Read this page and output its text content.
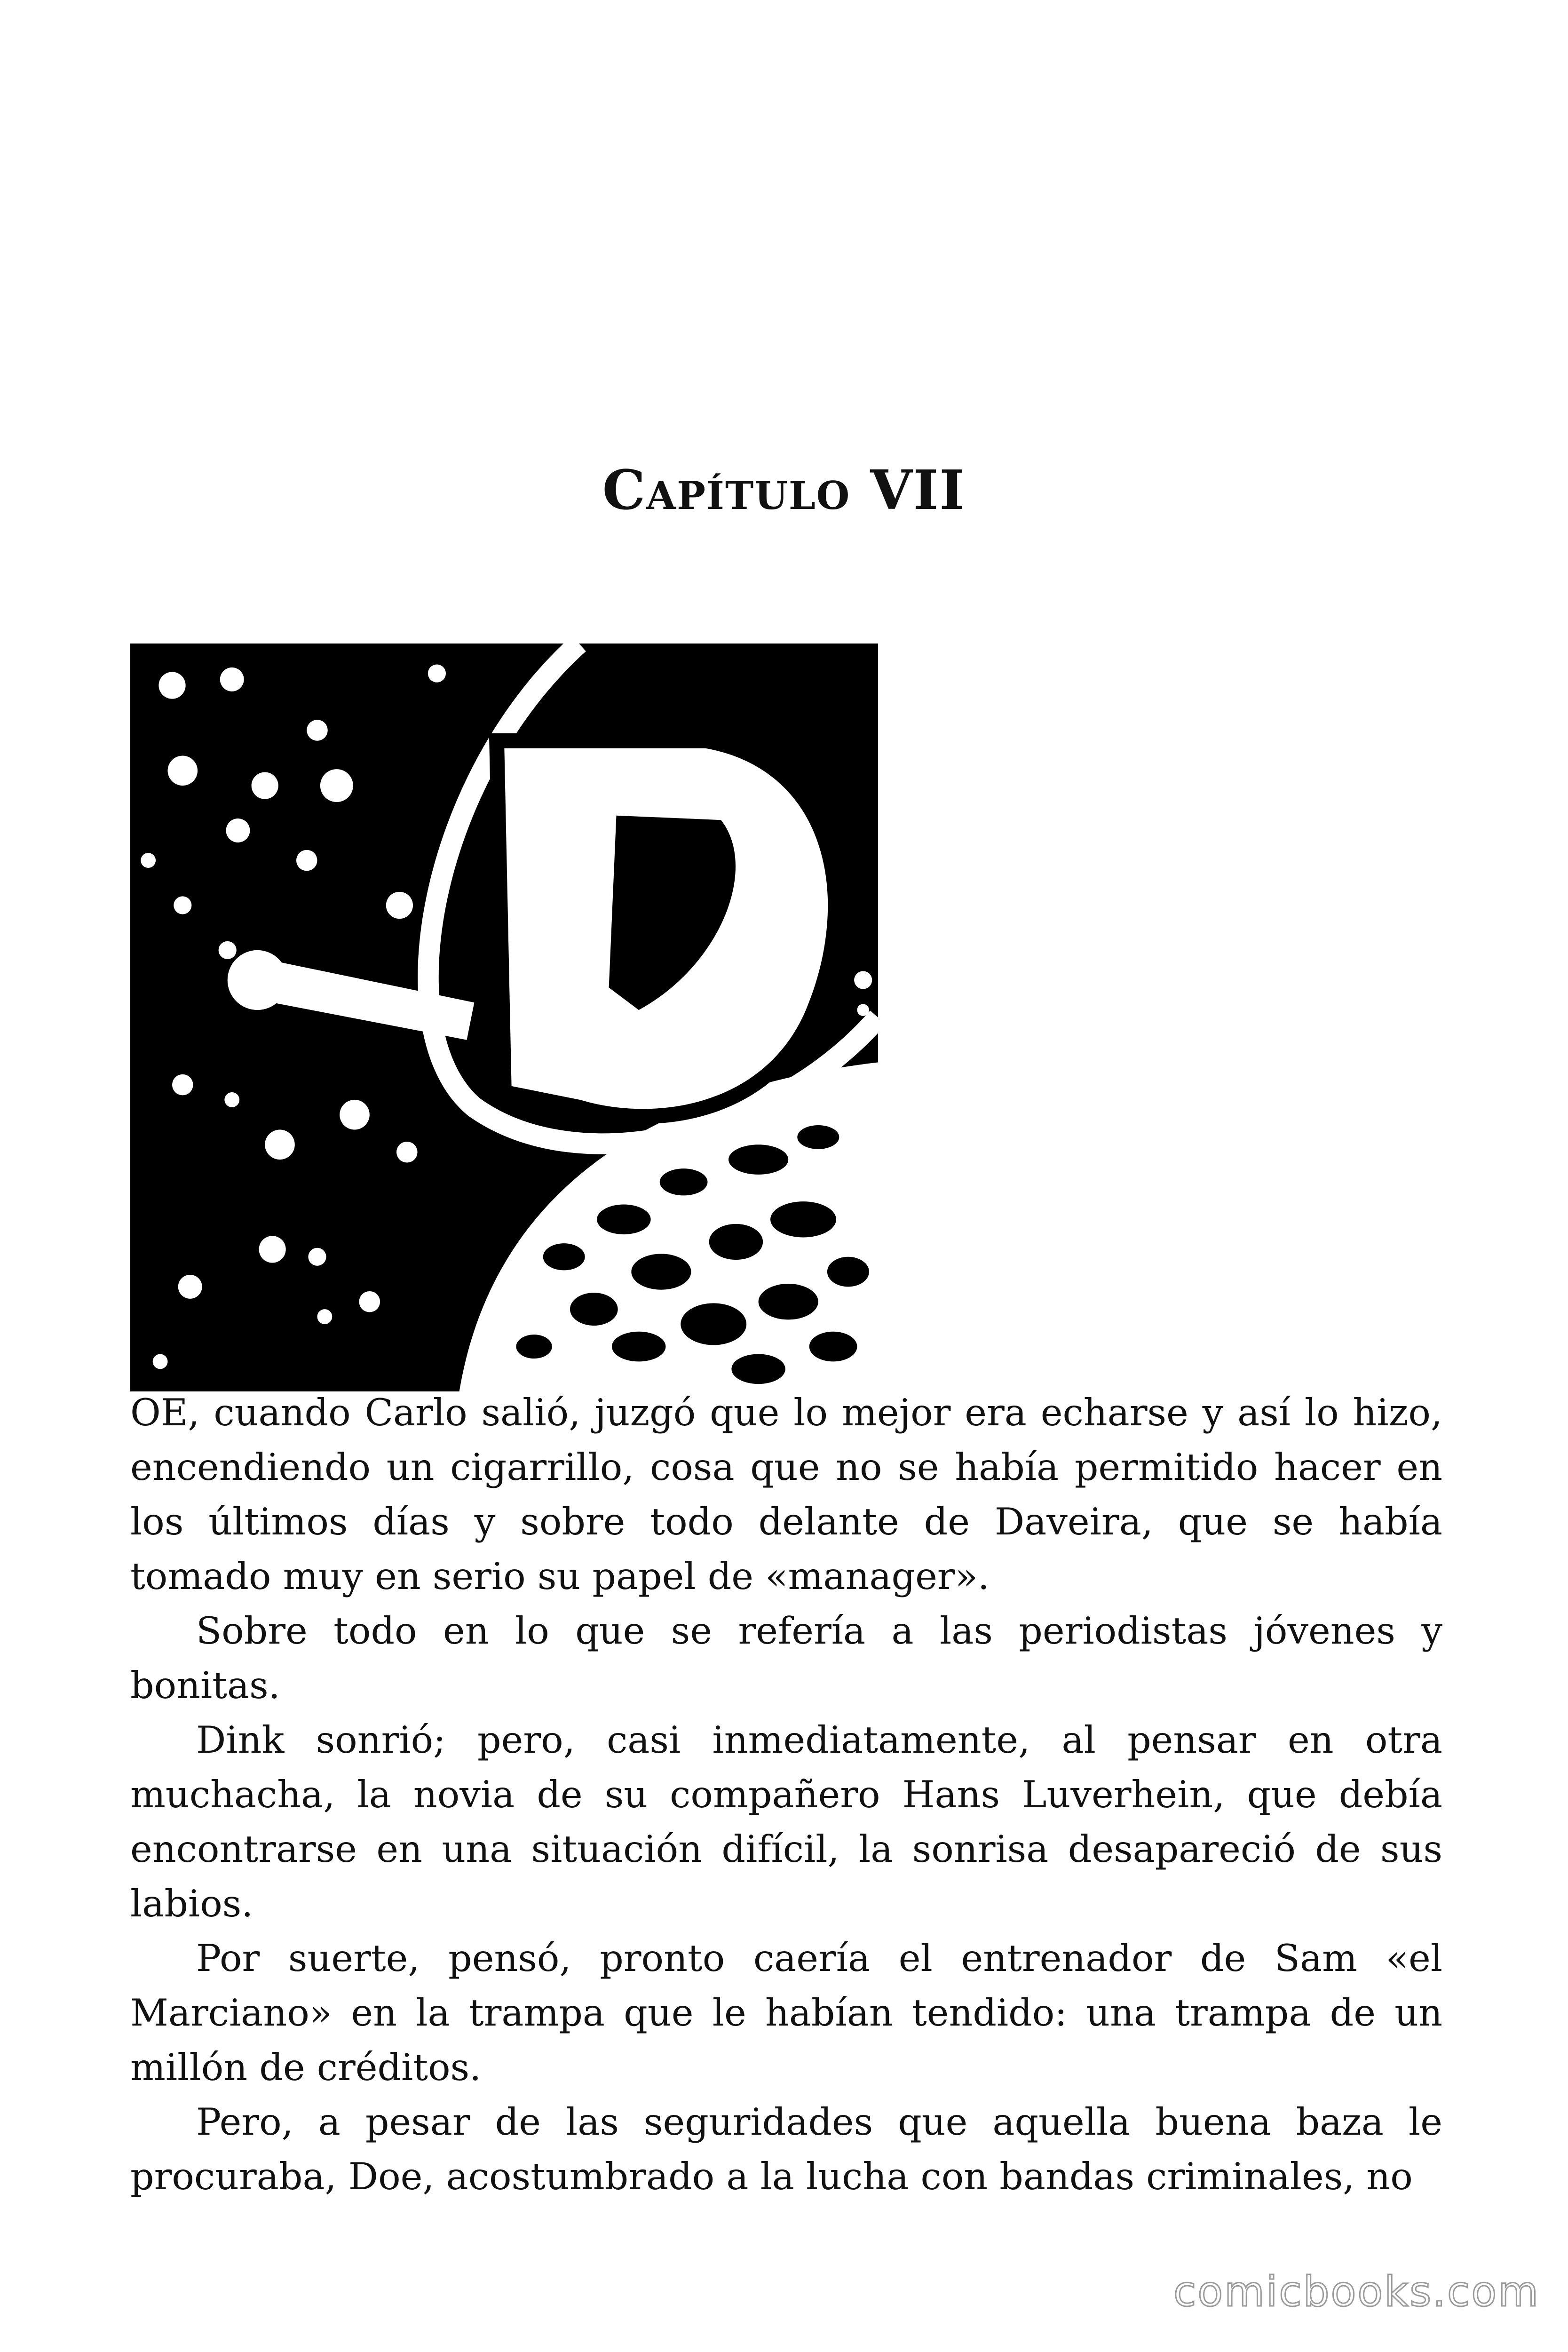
Capítulo VII

OE, cuando Carlo salió, juzgó que lo mejor era echarse y así lo hizo, encendiendo un cigarrillo, cosa que no se había permitido hacer en los últimos días y sobre todo delante de Daveira, que se había tomado muy en serio su papel de «manager».

Sobre todo en lo que se refería a las periodistas jóvenes y bonitas.

Dink sonrió; pero, casi inmediatamente, al pensar en otra muchacha, la novia de su compañero Hans Luverhein, que debía encontrarse en una situación difícil, la sonrisa desapareció de sus labios.

Por suerte, pensó, pronto caería el entrenador de Sam «el Marciano» en la trampa que le habían tendido: una trampa de un millón de créditos.

Pero, a pesar de las seguridades que aquella buena baza le procuraba, Doe, acostumbrado a la lucha con bandas criminales, no

comicbooks.com
